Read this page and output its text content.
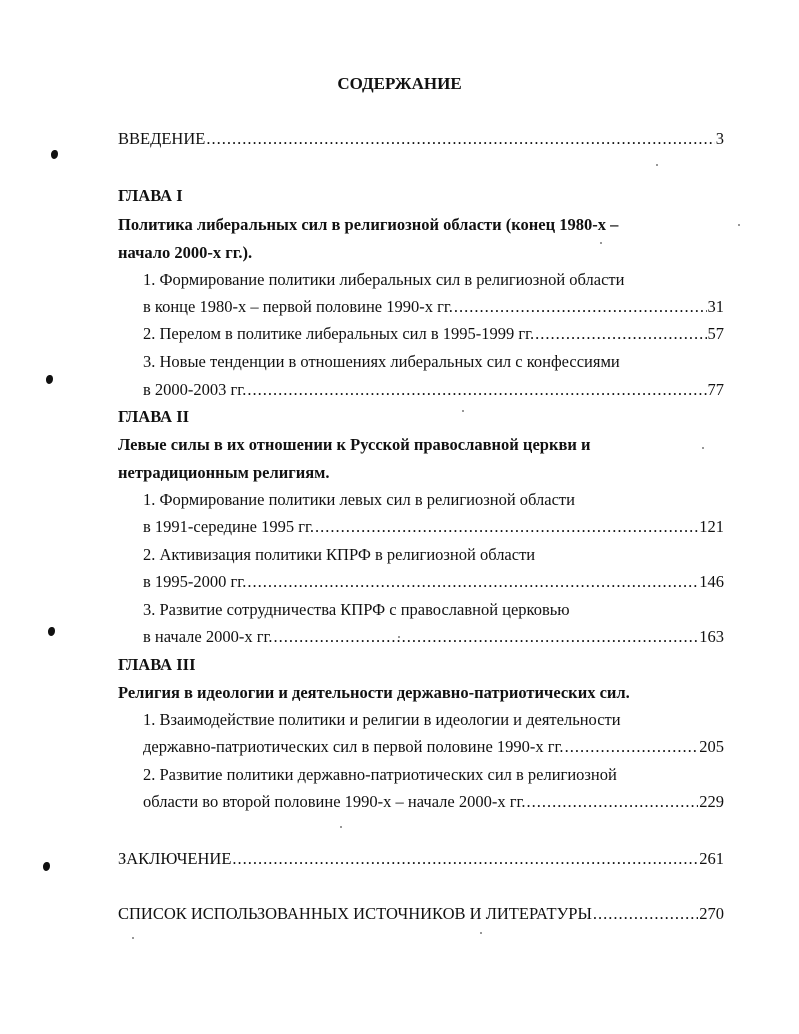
СОДЕРЖАНИЕ
ВВЕДЕНИЕ .....	3
ГЛАВА I
Политика либеральных сил в религиозной области (конец 1980-х –
начало 2000-х гг.).
1. Формирование политики либеральных сил в религиозной области
в конце 1980-х – первой половине 1990-х гг. .....	31
2. Перелом в политике либеральных сил в 1995-1999 гг. .....	57
3. Новые тенденции в отношениях либеральных сил с конфессиями
в 2000-2003 гг. .....	77
ГЛАВА II
Левые силы в их отношении к Русской православной церкви и
нетрадиционным религиям.
1. Формирование политики левых сил в религиозной области
в 1991-середине 1995 гг. .....	121
2. Активизация политики КПРФ в религиозной области
в 1995-2000 гг. .....	146
3. Развитие сотрудничества КПРФ с православной церковью
в начале 2000-х гг. .....	163
ГЛАВА III
Религия в идеологии и деятельности державно-патриотических сил.
1. Взаимодействие политики и религии в идеологии и деятельности
державно-патриотических сил в первой половине 1990-х гг. .....	205
2. Развитие политики державно-патриотических сил в религиозной
области во второй половине 1990-х – начале 2000-х гг. .....	229
ЗАКЛЮЧЕНИЕ .....	261
СПИСОК ИСПОЛЬЗОВАННЫХ ИСТОЧНИКОВ И ЛИТЕРАТУРЫ .....	270
